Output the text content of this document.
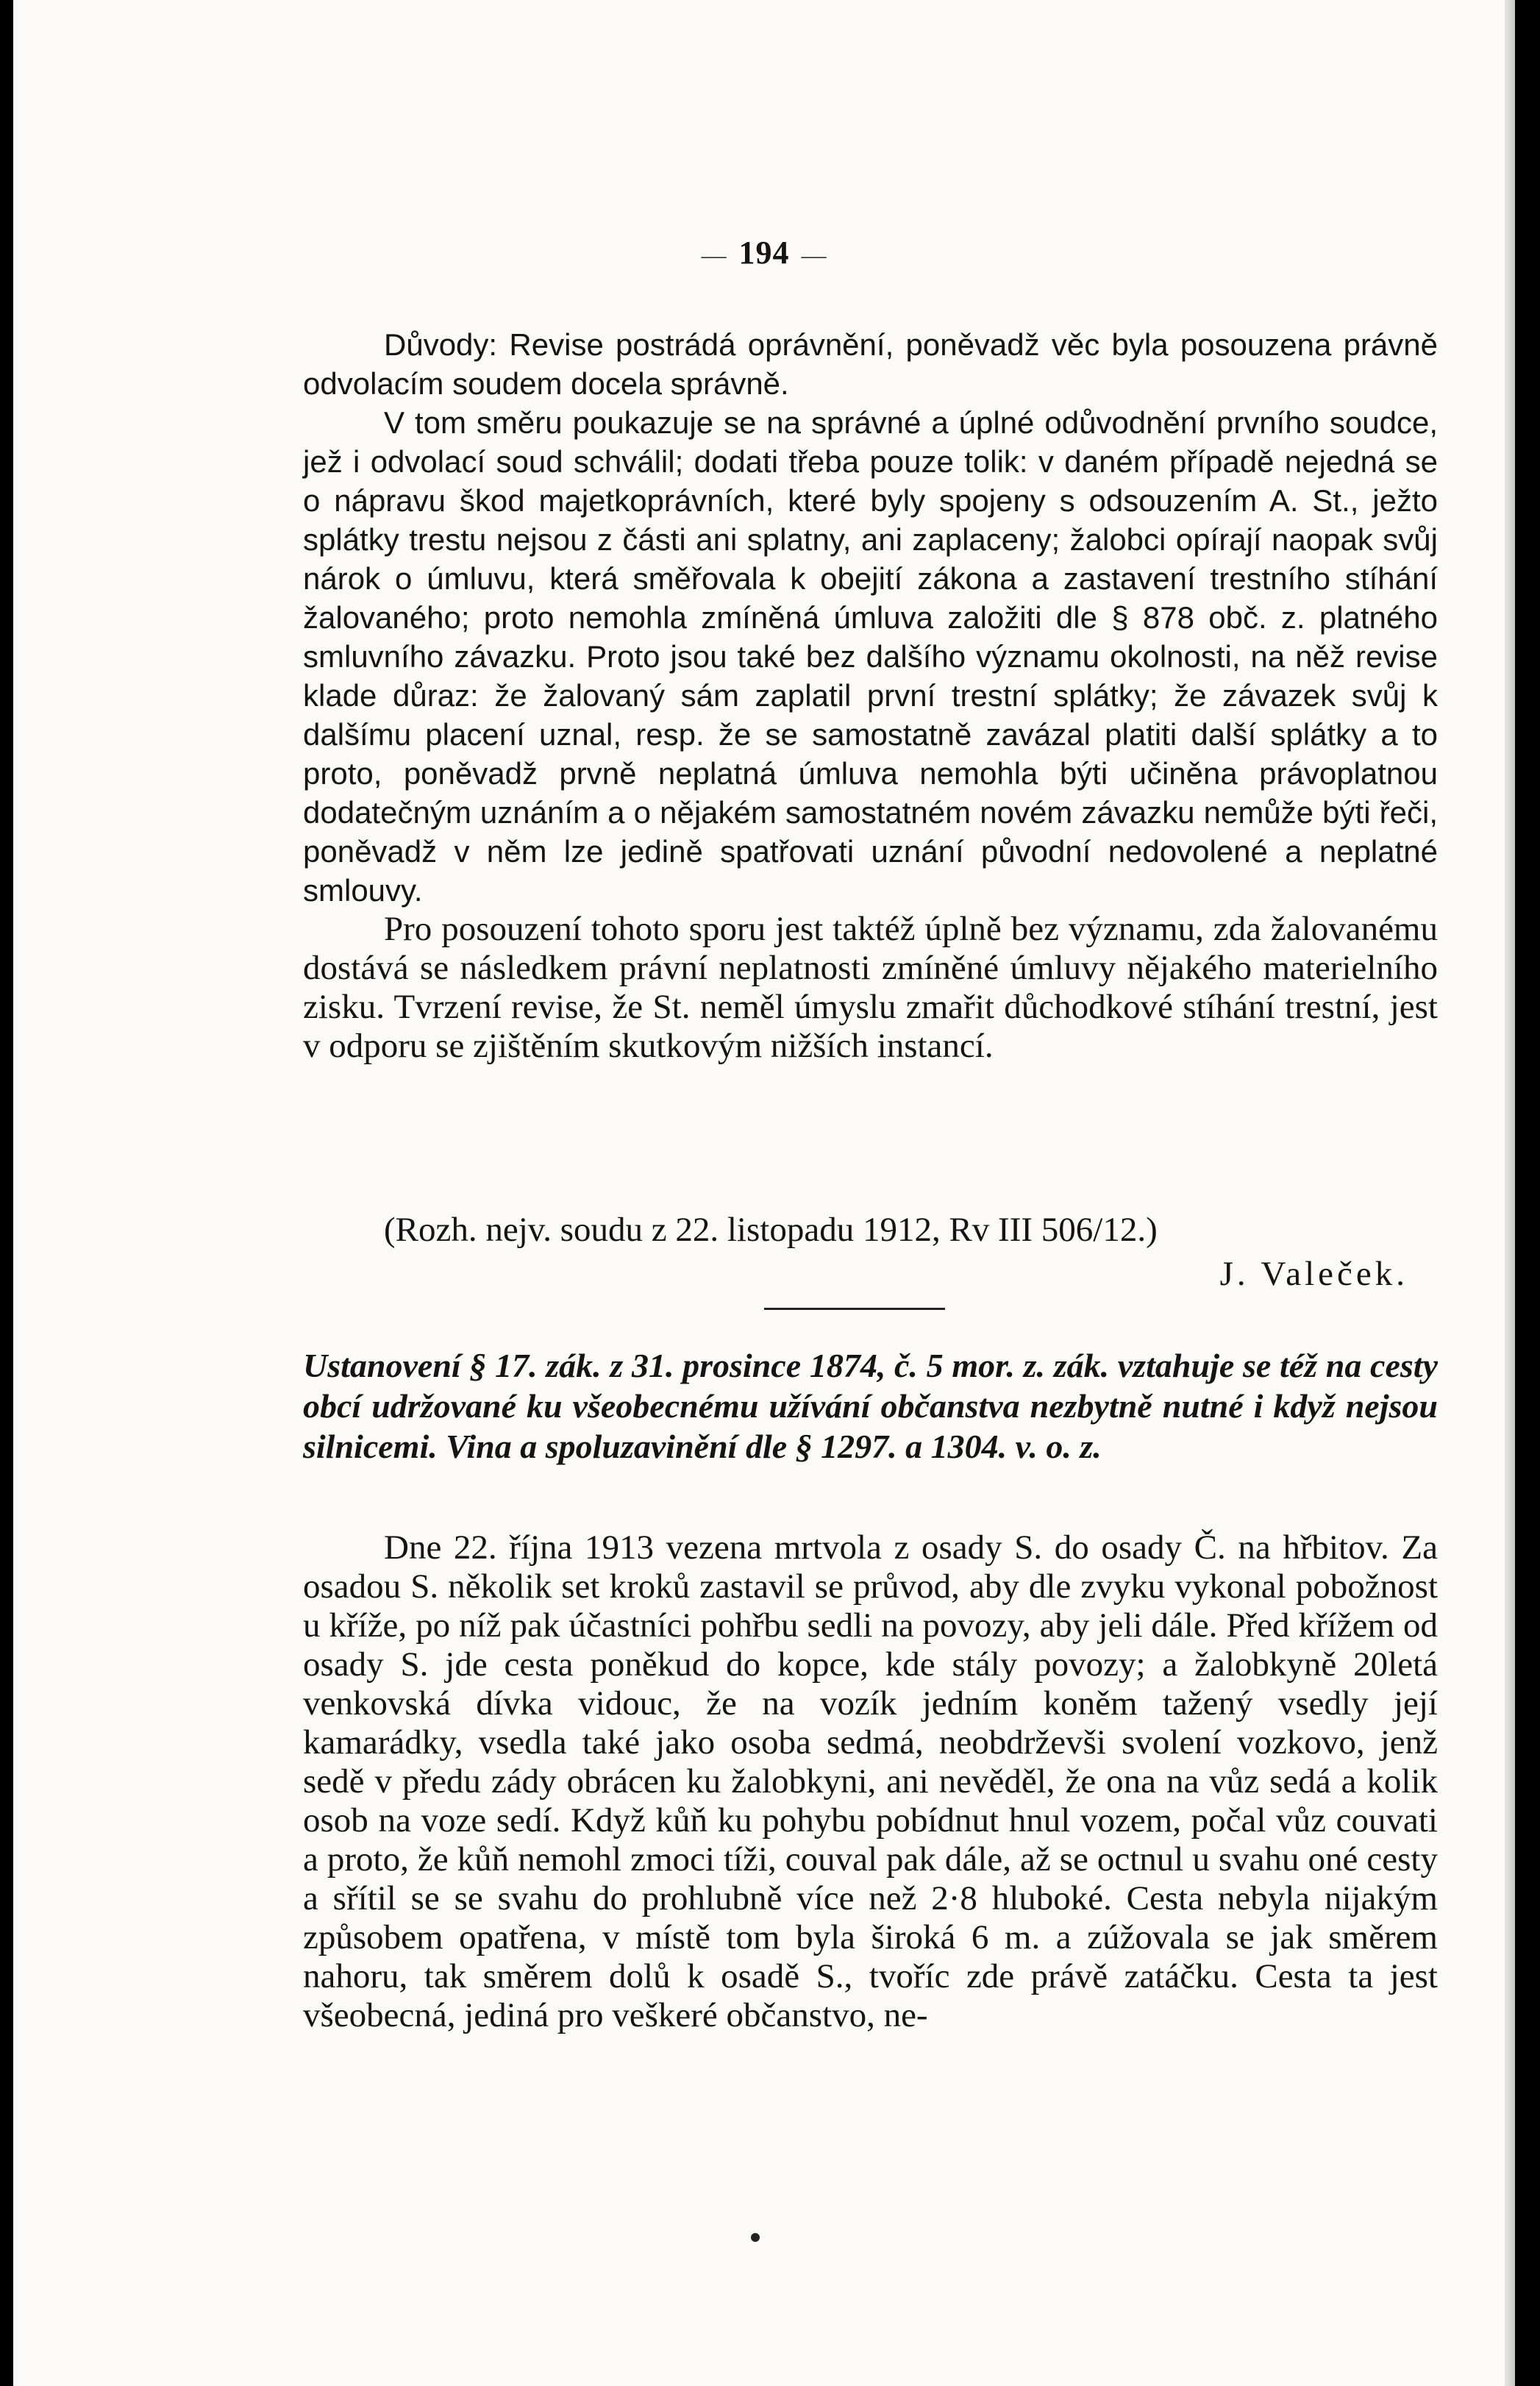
— 194 —

Důvody: Revise postrádá oprávnění, poněvadž věc byla posouzena právně odvolacím soudem docela správně.

V tom směru poukazuje se na správné a úplné odůvodnění prvního soudce, jež i odvolací soud schválil; dodati třeba pouze tolik: v daném případě nejedná se o nápravu škod majetkoprávních, které byly spojeny s odsouzením A. St., ježto splátky trestu nejsou z části ani splatny, ani zaplaceny; žalobci opírají naopak svůj nárok o úmluvu, která směřovala k obejití zákona a zastavení trestního stíhání žalovaného; proto nemohla zmíněná úmluva založiti dle § 878 obč. z. platného smluvního závazku. Proto jsou také bez dalšího významu okolnosti, na něž revise klade důraz: že žalovaný sám zaplatil první trestní splátky; že závazek svůj k dalšímu placení uznal, resp. že se samostatně zavázal platiti další splátky a to proto, poněvadž prvně neplatná úmluva nemohla býti učiněna právoplatnou dodatečným uznáním a o nějakém samostatném novém závazku nemůže býti řeči, poněvadž v něm lze jedině spatřovati uznání původní nedovolené a neplatné smlouvy.

Pro posouzení tohoto sporu jest taktéž úplně bez významu, zda žalovanému dostává se následkem právní neplatnosti zmíněné úmluvy nějakého materielního zisku. Tvrzení revise, že St. neměl úmyslu zmařit důchodkové stíhání trestní, jest v odporu se zjištěním skutkovým nižších instancí.

(Rozh. nejv. soudu z 22. listopadu 1912, Rv III 506/12.)
J. Valeček.
Ustanovení § 17. zák. z 31. prosince 1874, č. 5 mor. z. zák. vztahuje se též na cesty obcí udržované ku všeobecnému užívání občanstva nezbytně nutné i když nejsou silnicemi. Vina a spoluzavinění dle § 1297. a 1304. v. o. z.

Dne 22. října 1913 vezena mrtvola z osady S. do osady Č. na hřbitov. Za osadou S. několik set kroků zastavil se průvod, aby dle zvyku vykonal pobožnost u kříže, po níž pak účastníci pohřbu sedli na povozy, aby jeli dále. Před křížem od osady S. jde cesta poněkud do kopce, kde stály povozy; a žalobkyně 20letá venkovská dívka vidouc, že na vozík jedním koněm tažený vsedly její kamarádky, vsedla také jako osoba sedmá, neobdrževši svolení vozkovo, jenž sedě v předu zády obrácen ku žalobkyni, ani nevěděl, že ona na vůz sedá a kolik osob na voze sedí. Když kůň ku pohybu pobídnut hnul vozem, počal vůz couvati a proto, že kůň nemohl zmoci tíži, couval pak dále, až se octnul u svahu oné cesty a sřítil se se svahu do prohlubně více než 2·8 hluboké. Cesta nebyla nijakým způsobem opatřena, v místě tom byla široká 6 m. a zúžovala se jak směrem nahoru, tak směrem dolů k osadě S., tvoříc zde právě zatáčku. Cesta ta jest všeobecná, jediná pro veškeré občanstvo, ne-
